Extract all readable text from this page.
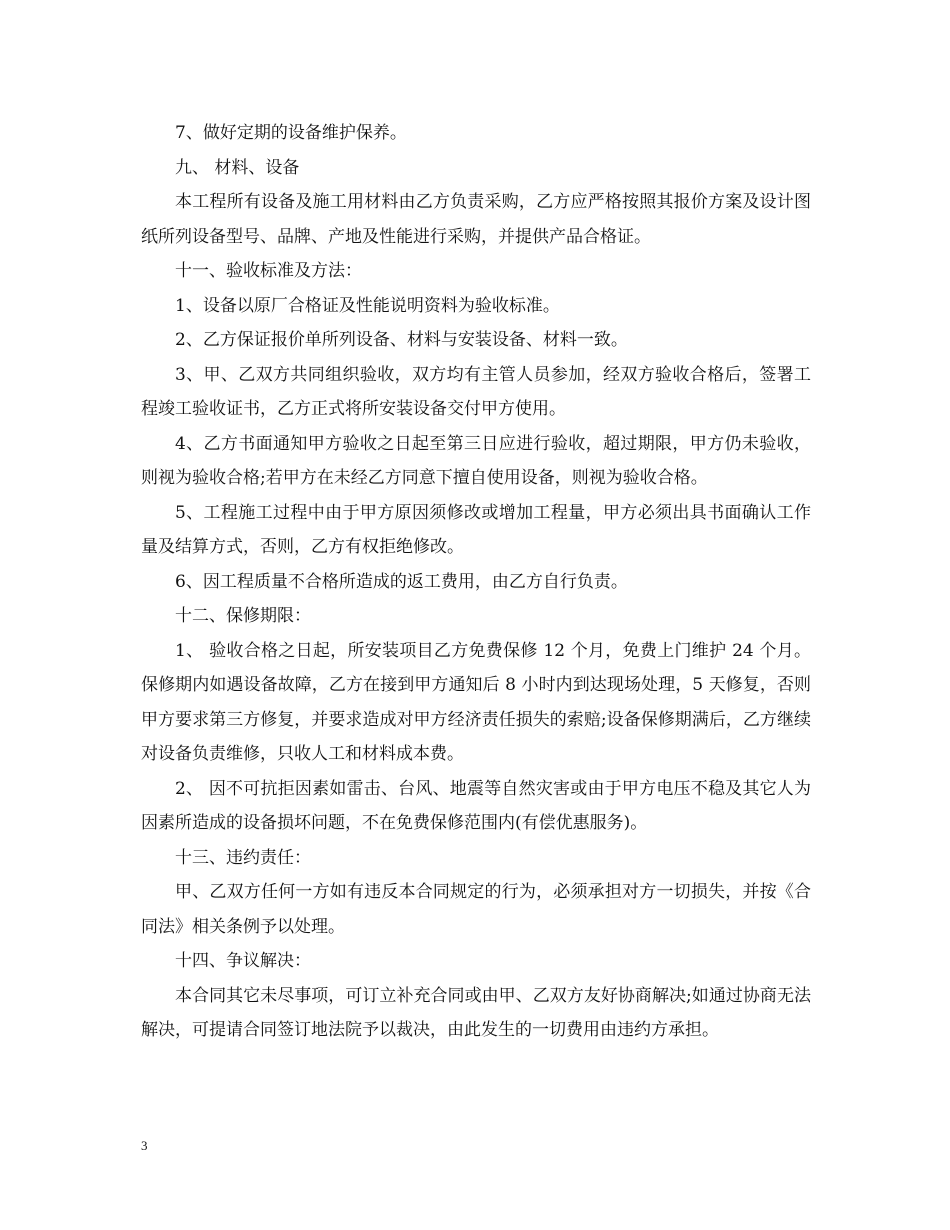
7、做好定期的设备维护保养。

九、 材料、设备

本工程所有设备及施工用材料由乙方负责采购，乙方应严格按照其报价方案及设计图纸所列设备型号、品牌、产地及性能进行采购，并提供产品合格证。

十一、验收标准及方法：

1、设备以原厂合格证及性能说明资料为验收标准。

2、乙方保证报价单所列设备、材料与安装设备、材料一致。

3、甲、乙双方共同组织验收，双方均有主管人员参加，经双方验收合格后，签署工程竣工验收证书，乙方正式将所安装设备交付甲方使用。

4、乙方书面通知甲方验收之日起至第三日应进行验收，超过期限，甲方仍未验收，则视为验收合格;若甲方在未经乙方同意下擅自使用设备，则视为验收合格。

5、工程施工过程中由于甲方原因须修改或增加工程量，甲方必须出具书面确认工作量及结算方式，否则，乙方有权拒绝修改。

6、因工程质量不合格所造成的返工费用，由乙方自行负责。

十二、保修期限：

1、 验收合格之日起，所安装项目乙方免费保修 12 个月，免费上门维护 24 个月。保修期内如遇设备故障，乙方在接到甲方通知后 8 小时内到达现场处理，5 天修复，否则甲方要求第三方修复，并要求造成对甲方经济责任损失的索赔;设备保修期满后，乙方继续对设备负责维修，只收人工和材料成本费。

2、 因不可抗拒因素如雷击、台风、地震等自然灾害或由于甲方电压不稳及其它人为因素所造成的设备损坏问题，不在免费保修范围内(有偿优惠服务)。

十三、违约责任：

甲、乙双方任何一方如有违反本合同规定的行为，必须承担对方一切损失，并按《合同法》相关条例予以处理。

十四、争议解决：

本合同其它未尽事项，可订立补充合同或由甲、乙双方友好协商解决;如通过协商无法解决，可提请合同签订地法院予以裁决，由此发生的一切费用由违约方承担。

3
